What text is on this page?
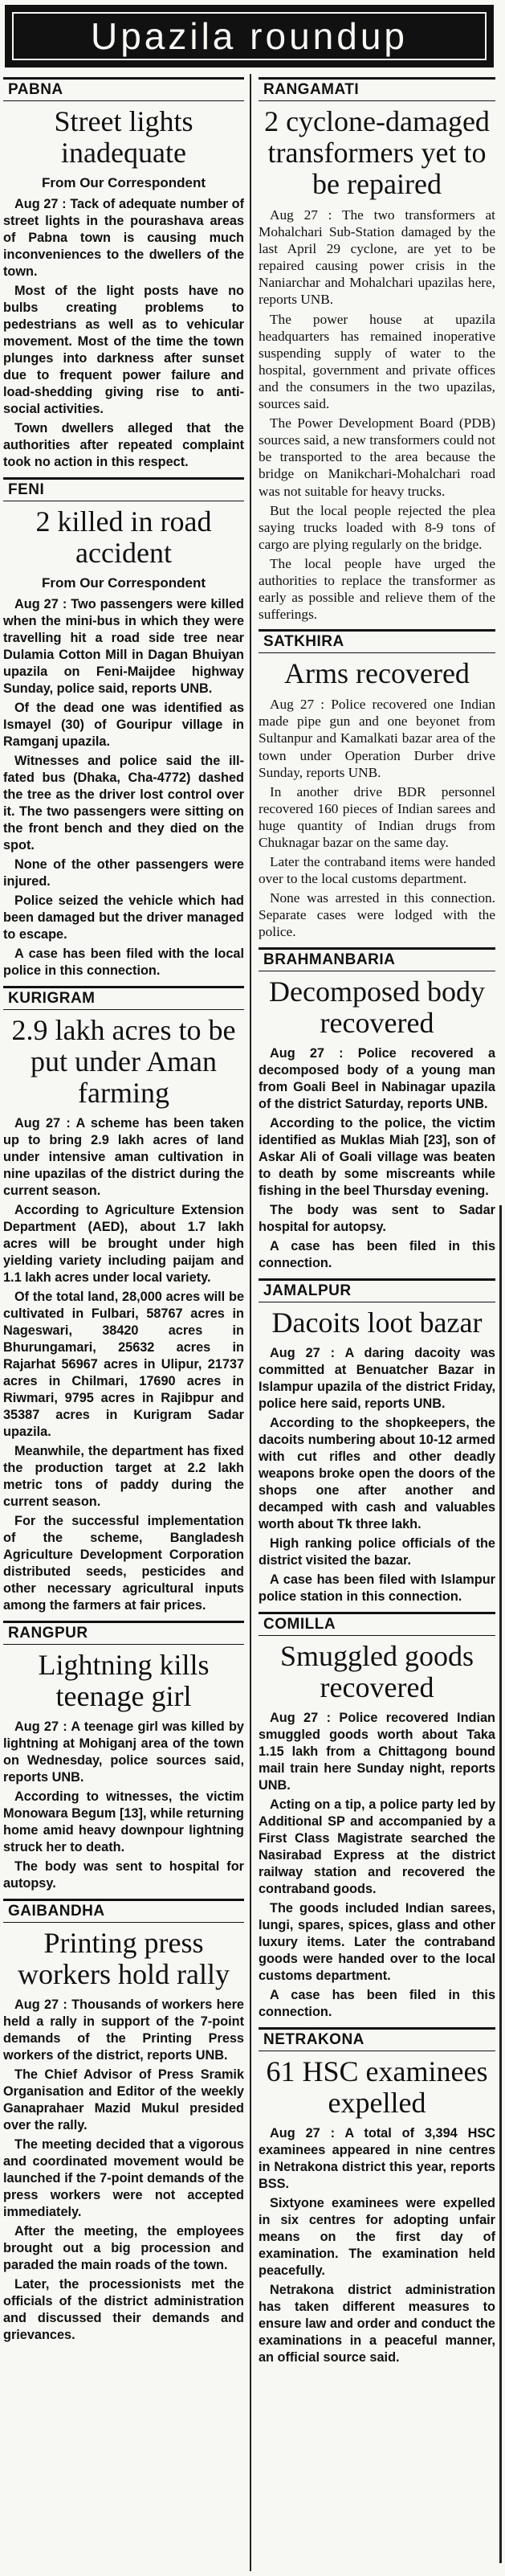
Upazila roundup
PABNA
Street lights inadequate
From Our Correspondent

Aug 27 : Tack of adequate number of street lights in the pourashava areas of Pabna town is causing much inconveniences to the dwellers of the town.

Most of the light posts have no bulbs creating problems to pedestrians as well as to vehicular movement. Most of the time the town plunges into darkness after sunset due to frequent power failure and load-shedding giving rise to anti-social activities.

Town dwellers alleged that the authorities after repeated complaint took no action in this respect.

FENI
2 killed in road accident
From Our Correspondent

Aug 27 : Two passengers were killed when the mini-bus in which they were travelling hit a road side tree near Dulamia Cotton Mill in Dagan Bhuiyan upazila on Feni-Maijdee highway Sunday, police said, reports UNB.

Of the dead one was identified as Ismayel (30) of Gouripur village in Ramganj upazila.

Witnesses and police said the ill-fated bus (Dhaka, Cha-4772) dashed the tree as the driver lost control over it. The two passengers were sitting on the front bench and they died on the spot.

None of the other passengers were injured.

Police seized the vehicle which had been damaged but the driver managed to escape.

A case has been filed with the local police in this connection.

KURIGRAM
2.9 lakh acres to be put under Aman farming

Aug 27 : A scheme has been taken up to bring 2.9 lakh acres of land under intensive aman cultivation in nine upazilas of the district during the current season.

According to Agriculture Extension Department (AED), about 1.7 lakh acres will be brought under high yielding variety including paijam and 1.1 lakh acres under local variety.

Of the total land, 28,000 acres will be cultivated in Fulbari, 58767 acres in Nageswari, 38420 acres in Bhurungamari, 25632 acres in Rajarhat 56967 acres in Ulipur, 21737 acres in Chilmari, 17690 acres in Riwmari, 9795 acres in Rajibpur and 35387 acres in Kurigram Sadar upazila.

Meanwhile, the department has fixed the production target at 2.2 lakh metric tons of paddy during the current season.

For the successful implementation of the scheme, Bangladesh Agriculture Development Corporation distributed seeds, pesticides and other necessary agricultural inputs among the farmers at fair prices.

RANGPUR
Lightning kills teenage girl

Aug 27 : A teenage girl was killed by lightning at Mohiganj area of the town on Wednesday, police sources said, reports UNB.

According to witnesses, the victim Monowara Begum [13], while returning home amid heavy downpour lightning struck her to death.

The body was sent to hospital for autopsy.

GAIBANDHA
Printing press workers hold rally

Aug 27 : Thousands of workers here held a rally in support of the 7-point demands of the Printing Press workers of the district, reports UNB.

The Chief Advisor of Press Sramik Organisation and Editor of the weekly Ganaprahaer Mazid Mukul presided over the rally.

The meeting decided that a vigorous and coordinated movement would be launched if the 7-point demands of the press workers were not accepted immediately.

After the meeting, the employees brought out a big procession and paraded the main roads of the town.

Later, the processionists met the officials of the district administration and discussed their demands and grievances.

RANGAMATI
2 cyclone-damaged transformers yet to be repaired

Aug 27 : The two transformers at Mohalchari Sub-Station damaged by the last April 29 cyclone, are yet to be repaired causing power crisis in the Naniarchar and Mohalchari upazilas here, reports UNB.

The power house at upazila headquarters has remained inoperative suspending supply of water to the hospital, government and private offices and the consumers in the two upazilas, sources said.

The Power Development Board (PDB) sources said, a new transformers could not be transported to the area because the bridge on Manikchari-Mohalchari road was not suitable for heavy trucks.

But the local people rejected the plea saying trucks loaded with 8-9 tons of cargo are plying regularly on the bridge.

The local people have urged the authorities to replace the transformer as early as possible and relieve them of the sufferings.

SATKHIRA
Arms recovered

Aug 27 : Police recovered one Indian made pipe gun and one beyonet from Sultanpur and Kamalkati bazar area of the town under Operation Durber drive Sunday, reports UNB.

In another drive BDR personnel recovered 160 pieces of Indian sarees and huge quantity of Indian drugs from Chuknagar bazar on the same day.

Later the contraband items were handed over to the local customs department.

None was arrested in this connection. Separate cases were lodged with the police.

BRAHMANBARIA
Decomposed body recovered

Aug 27 : Police recovered a decomposed body of a young man from Goali Beel in Nabinagar upazila of the district Saturday, reports UNB.

According to the police, the victim identified as Muklas Miah [23], son of Askar Ali of Goali village was beaten to death by some miscreants while fishing in the beel Thursday evening.

The body was sent to Sadar hospital for autopsy.

A case has been filed in this connection.

JAMALPUR
Dacoits loot bazar

Aug 27 : A daring dacoity was committed at Benuatcher Bazar in Islampur upazila of the district Friday, police here said, reports UNB.

According to the shopkeepers, the dacoits numbering about 10-12 armed with cut rifles and other deadly weapons broke open the doors of the shops one after another and decamped with cash and valuables worth about Tk three lakh.

High ranking police officials of the district visited the bazar.

A case has been filed with Islampur police station in this connection.

COMILLA
Smuggled goods recovered

Aug 27 : Police recovered Indian smuggled goods worth about Taka 1.15 lakh from a Chittagong bound mail train here Sunday night, reports UNB.

Acting on a tip, a police party led by Additional SP and accompanied by a First Class Magistrate searched the Nasirabad Express at the district railway station and recovered the contraband goods.

The goods included Indian sarees, lungi, spares, spices, glass and other luxury items. Later the contraband goods were handed over to the local customs department.

A case has been filed in this connection.

NETRAKONA
61 HSC examinees expelled

Aug 27 : A total of 3,394 HSC examinees appeared in nine centres in Netrakona district this year, reports BSS.

Sixtyone examinees were expelled in six centres for adopting unfair means on the first day of examination. The examination held peacefully.

Netrakona district administration has taken different measures to ensure law and order and conduct the examinations in a peaceful manner, an official source said.
